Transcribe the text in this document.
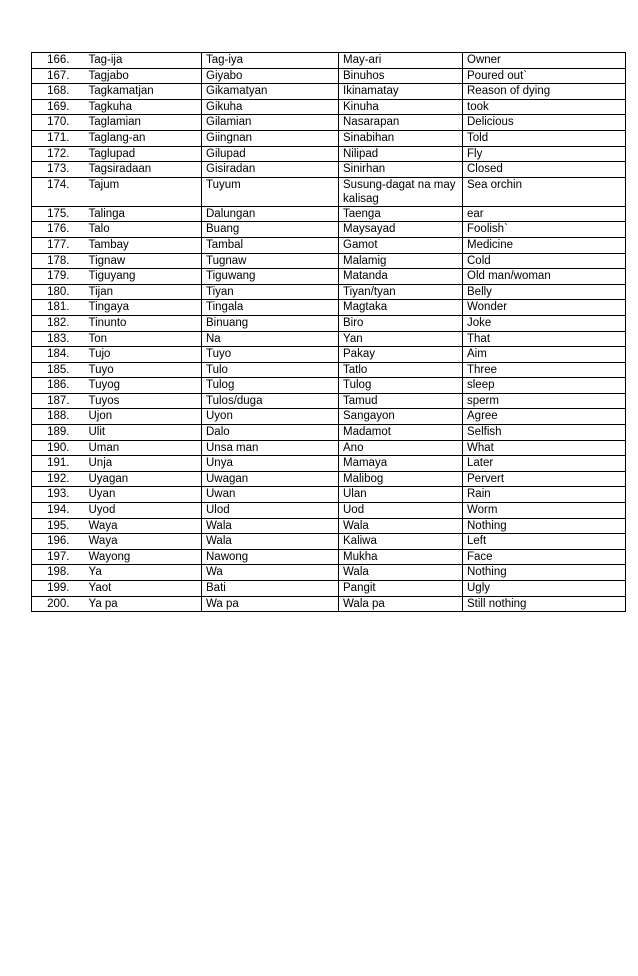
166.	Tag-ija	Tag-iya	May-ari	Owner
167.	Tagjabo	Giyabo	Binuhos	Poured out`
168.	Tagkamatjan	Gikamatyan	Ikinamatay	Reason of dying
169.	Tagkuha	Gikuha	Kinuha	took
170.	Taglamian	Gilamian	Nasarapan	Delicious
171.	Taglang-an	Giingnan	Sinabihan	Told
172.	Taglupad	Gilupad	Nilipad	Fly
173.	Tagsiradaan	Gisiradan	Sinirhan	Closed
174.	Tajum	Tuyum	Susung-dagat na may kalisag	Sea orchin
175.	Talinga	Dalungan	Taenga	ear
176.	Talo	Buang	Maysayad	Foolish`
177.	Tambay	Tambal	Gamot	Medicine
178.	Tignaw	Tugnaw	Malamig	Cold
179.	Tiguyang	Tiguwang	Matanda	Old man/woman
180.	Tijan	Tiyan	Tiyan/tyan	Belly
181.	Tingaya	Tingala	Magtaka	Wonder
182.	Tinunto	Binuang	Biro	Joke
183.	Ton	Na	Yan	That
184.	Tujo	Tuyo	Pakay	Aim
185.	Tuyo	Tulo	Tatlo	Three
186.	Tuyog	Tulog	Tulog	sleep
187.	Tuyos	Tulos/duga	Tamud	sperm
188.	Ujon	Uyon	Sangayon	Agree
189.	Ulit	Dalo	Madamot	Selfish
190.	Uman	Unsa man	Ano	What
191.	Unja	Unya	Mamaya	Later
192.	Uyagan	Uwagan	Malibog	Pervert
193.	Uyan	Uwan	Ulan	Rain
194.	Uyod	Ulod	Uod	Worm
195.	Waya	Wala	Wala	Nothing
196.	Waya	Wala	Kaliwa	Left
197.	Wayong	Nawong	Mukha	Face
198.	Ya	Wa	Wala	Nothing
199.	Yaot	Bati	Pangit	Ugly
200.	Ya pa	Wa pa	Wala pa	Still nothing
